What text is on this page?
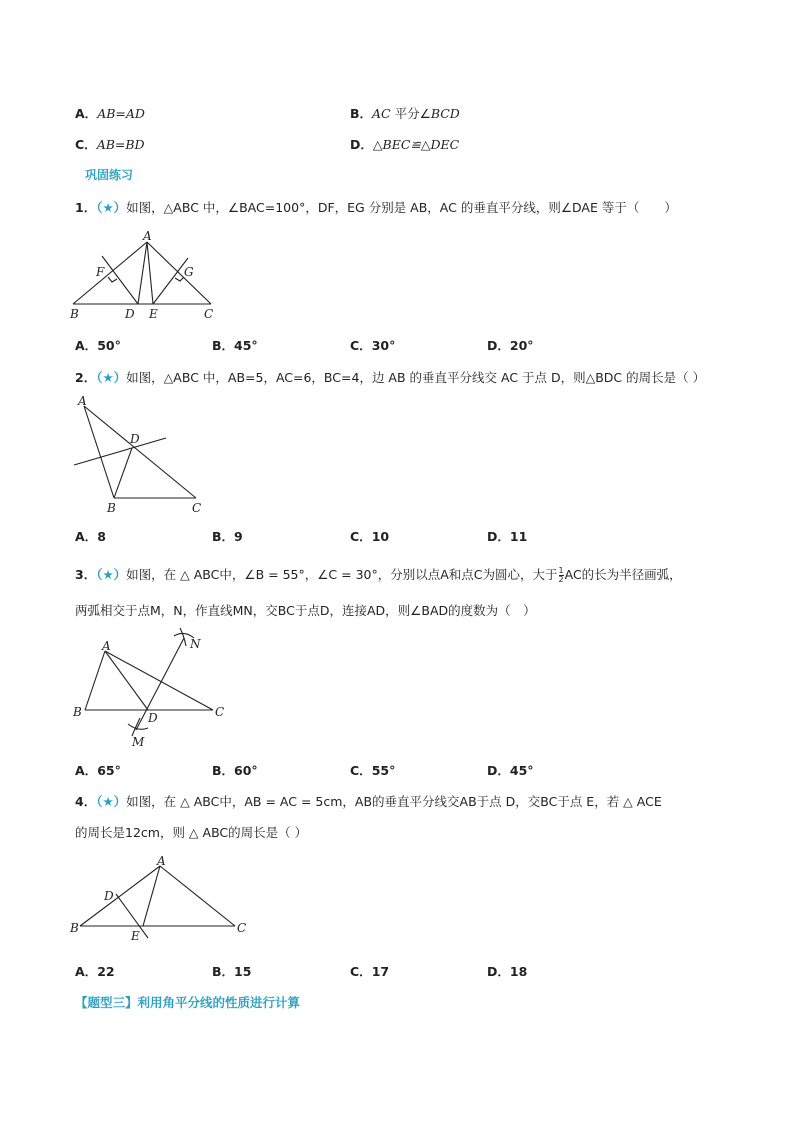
A．AB=AD	B．AC 平分∠BCD
C．AB=BD	D．△BEC≌△DEC
巩固练习
1．（★）如图，△ABC 中，∠BAC=100°，DF，EG 分别是 AB，AC 的垂直平分线，则∠DAE 等于（　　）
A
B	C
D E
F	G
A．50°	B．45°	C．30°	D．20°
2．（★）如图，△ABC 中，AB=5，AC=6，BC=4，边 AB 的垂直平分线交 AC 于点 D，则△BDC 的周长是（ ）
A
B	C
D
A．8	B．9	C．10	D．11
3．（★）如图，在 △ ABC中，∠B = 55°，∠C = 30°，分别以点A和点C为圆心，大于 $\frac{1}{2}$ AC的长为半径画弧，
两弧相交于点M，N，作直线MN，交BC于点D，连接AD，则∠BAD的度数为（　）
A
B	C
D
M
N
A．65°	B．60°	C．55°	D．45°
4．（★）如图，在 △ ABC中，AB = AC = 5cm，AB的垂直平分线交AB于点 D，交BC于点 E，若 △ ACE
的周长是12cm，则 △ ABC的周长是（ ）
A
B	C
D
E
A．22	B．15	C．17	D．18
【题型三】利用角平分线的性质进行计算
